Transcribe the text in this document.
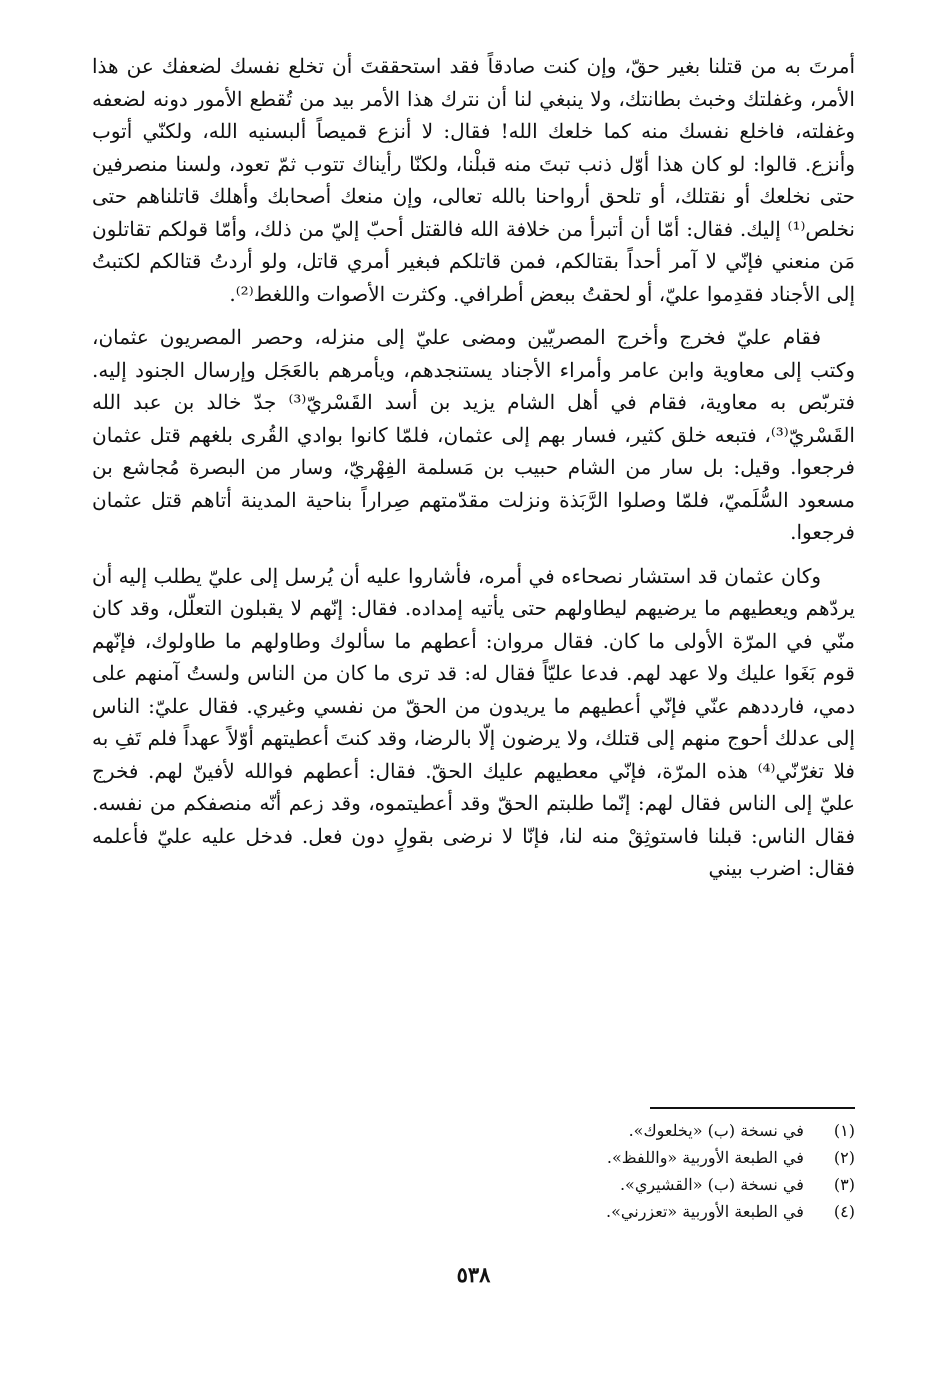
أمرتَ به من قتلنا بغير حقّ، وإن كنت صادقاً فقد استحققتَ أن تخلع نفسك لضعفك عن هذا الأمر، وغفلتك وخبث بطانتك، ولا ينبغي لنا أن نترك هذا الأمر بيد من تُقطع الأمور دونه لضعفه وغفلته، فاخلع نفسك منه كما خلعك الله! فقال: لا أنزع قميصاً ألبسنيه الله، ولكنّي أتوب وأنزع. قالوا: لو كان هذا أوّل ذنب تبتَ منه قبلْنا، ولكنّا رأيناك تتوب ثمّ تعود، ولسنا منصرفين حتى نخلعك أو نقتلك، أو تلحق أرواحنا بالله تعالى، وإن منعك أصحابك وأهلك قاتلناهم حتى نخلص⁽¹⁾ إليك. فقال: أمّا أن أتبرأ من خلافة الله فالقتل أحبّ إليّ من ذلك، وأمّا قولكم تقاتلون مَن منعني فإنّي لا آمر أحداً بقتالكم، فمن قاتلكم فبغير أمري قاتل، ولو أردتُ قتالكم لكتبتُ إلى الأجناد فقدِموا عليّ، أو لحقتُ ببعض أطرافي. وكثرت الأصوات واللغط⁽²⁾.

فقام عليّ فخرج وأخرج المصريّين ومضى عليّ إلى منزله، وحصر المصريون عثمان، وكتب إلى معاوية وابن عامر وأمراء الأجناد يستنجدهم، ويأمرهم بالعَجَل وإرسال الجنود إليه. فتربّص به معاوية، فقام في أهل الشام يزيد بن أسد القَسْريّ⁽³⁾ جدّ خالد بن عبد الله القَسْريّ⁽³⁾، فتبعه خلق كثير، فسار بهم إلى عثمان، فلمّا كانوا بوادي القُرى بلغهم قتل عثمان فرجعوا. وقيل: بل سار من الشام حبيب بن مَسلمة الفِهْريّ، وسار من البصرة مُجاشع بن مسعود السُّلَميّ، فلمّا وصلوا الرَّبَذة ونزلت مقدّمتهم صِراراً بناحية المدينة أتاهم قتل عثمان فرجعوا.

وكان عثمان قد استشار نصحاءه في أمره، فأشاروا عليه أن يُرسل إلى عليّ يطلب إليه أن يردّهم ويعطيهم ما يرضيهم ليطاولهم حتى يأتيه إمداده. فقال: إنّهم لا يقبلون التعلّل، وقد كان منّي في المرّة الأولى ما كان. فقال مروان: أعطهم ما سألوك وطاولهم ما طاولوك، فإنّهم قوم بَغَوا عليك ولا عهد لهم. فدعا عليّاً فقال له: قد ترى ما كان من الناس ولستُ آمنهم على دمي، فارددهم عنّي فإنّي أعطيهم ما يريدون من الحقّ من نفسي وغيري. فقال عليّ: الناس إلى عدلك أحوج منهم إلى قتلك، ولا يرضون إلّا بالرضا، وقد كنتَ أعطيتهم أوّلاً عهداً فلم تَفِ به فلا تغرّنّي⁽⁴⁾ هذه المرّة، فإنّي معطيهم عليك الحقّ. فقال: أعطهم فوالله لأفينّ لهم. فخرج عليّ إلى الناس فقال لهم: إنّما طلبتم الحقّ وقد أعطيتموه، وقد زعم أنّه منصفكم من نفسه. فقال الناس: قبلنا فاستوثِقْ منه لنا، فإنّا لا نرضى بقولٍ دون فعل. فدخل عليه عليّ فأعلمه فقال: اضرب بيني

(١) في نسخة (ب) «يخلعوك».
(٢) في الطبعة الأوربية «واللفظ».
(٣) في نسخة (ب) «القشيري».
(٤) في الطبعة الأوربية «تعزرني».
٥٣٨
